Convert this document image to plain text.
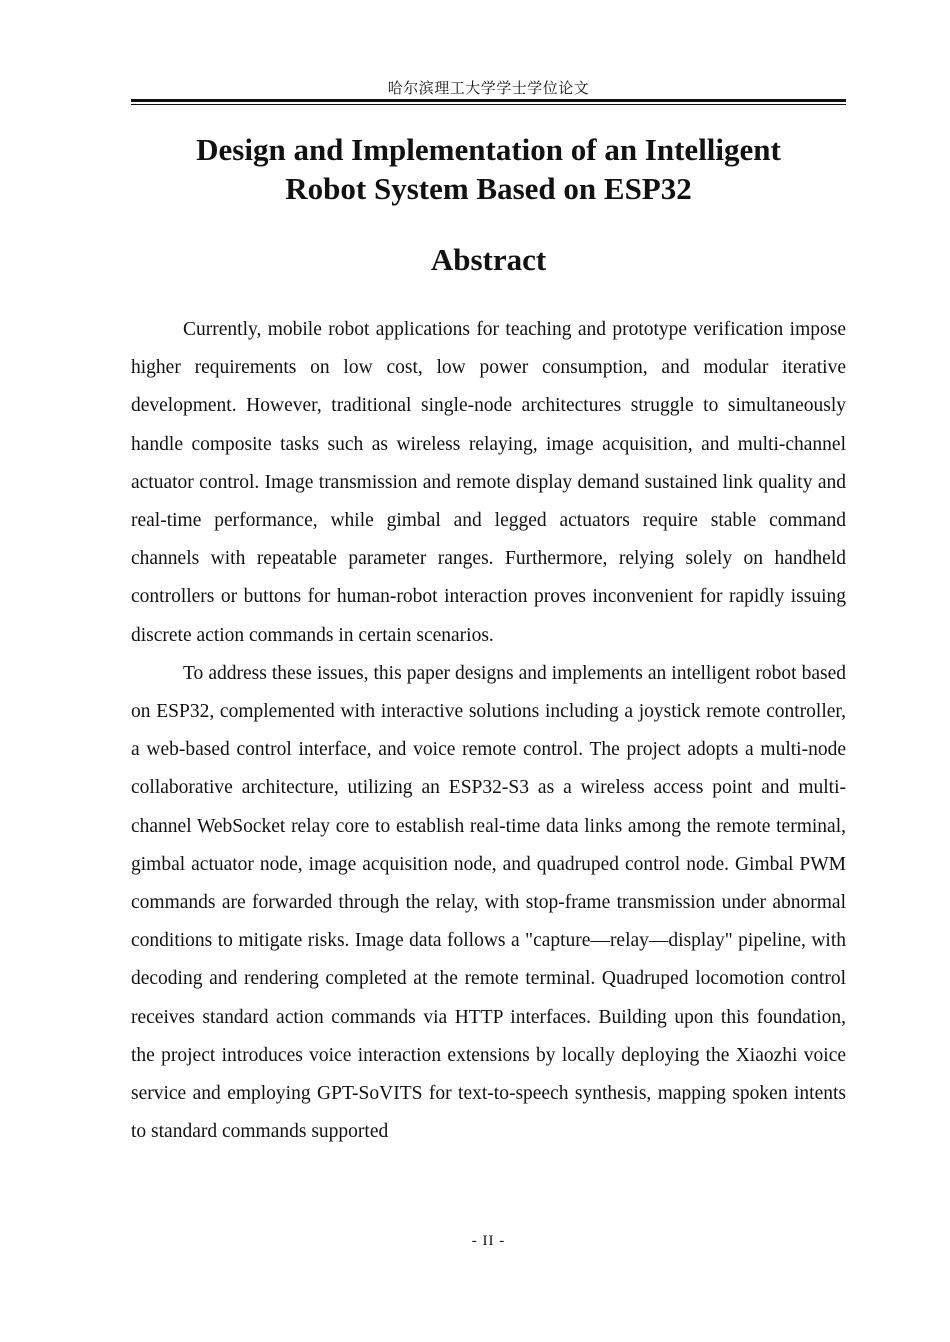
哈尔滨理工大学学士学位论文
Design and Implementation of an Intelligent
Robot System Based on ESP32
Abstract

Currently, mobile robot applications for teaching and prototype verification impose higher requirements on low cost, low power consumption, and modular iterative development. However, traditional single-node architectures struggle to simultaneously handle composite tasks such as wireless relaying, image acquisition, and multi-channel actuator control. Image transmission and remote display demand sustained link quality and real-time performance, while gimbal and legged actuators require stable command channels with repeatable parameter ranges. Furthermore, relying solely on handheld controllers or buttons for human-robot interaction proves inconvenient for rapidly issuing discrete action commands in certain scenarios.

To address these issues, this paper designs and implements an intelligent robot based on ESP32, complemented with interactive solutions including a joystick remote controller, a web-based control interface, and voice remote control. The project adopts a multi-node collaborative architecture, utilizing an ESP32-S3 as a wireless access point and multi-channel WebSocket relay core to establish real-time data links among the remote terminal, gimbal actuator node, image acquisition node, and quadruped control node. Gimbal PWM commands are forwarded through the relay, with stop-frame transmission under abnormal conditions to mitigate risks. Image data follows a "capture—relay—display" pipeline, with decoding and rendering completed at the remote terminal. Quadruped locomotion control receives standard action commands via HTTP interfaces. Building upon this foundation, the project introduces voice interaction extensions by locally deploying the Xiaozhi voice service and employing GPT-SoVITS for text-to-speech synthesis, mapping spoken intents to standard commands supported

- II -
